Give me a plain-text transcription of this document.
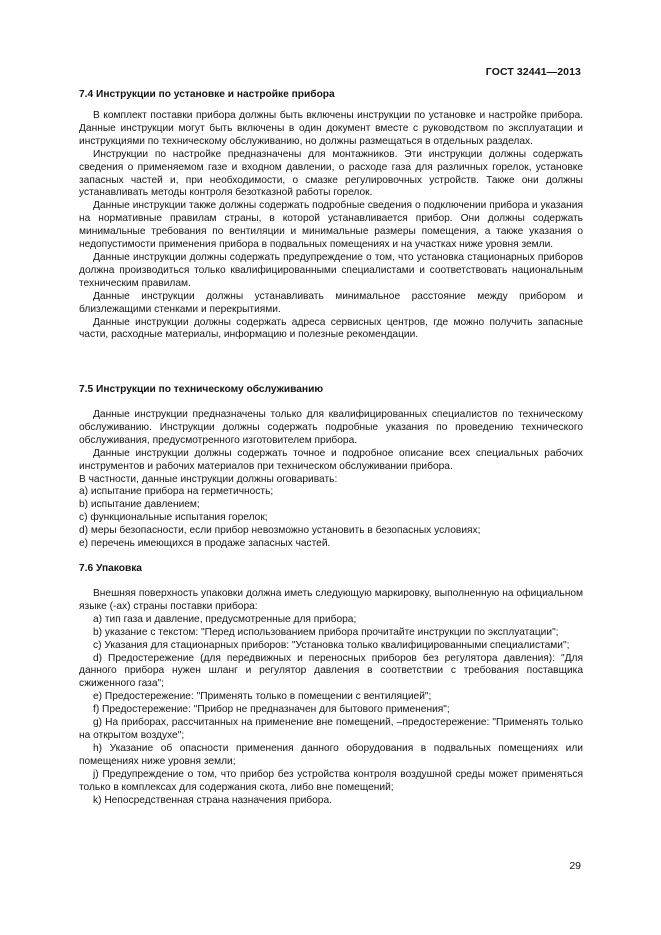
ГОСТ 32441—2013
7.4 Инструкции по установке и настройке прибора

В комплект поставки прибора должны быть включены инструкции по установке и настройке прибора. Данные инструкции могут быть включены в один документ вместе с руководством по эксплуатации и инструкциями по техническому обслуживанию, но должны размещаться в отдельных разделах.

Инструкции по настройке предназначены для монтажников. Эти инструкции должны содержать сведения о применяемом газе и входном давлении, о расходе газа для различных горелок, установке запасных частей и, при необходимости, о смазке регулировочных устройств. Также они должны устанавливать методы контроля безотказной работы горелок.

Данные инструкции также должны содержать подробные сведения о подключении прибора и указания на нормативные правилам страны, в которой устанавливается прибор. Они должны содержать минимальные требования по вентиляции и минимальные размеры помещения, а также указания о недопустимости применения прибора в подвальных помещениях и на участках ниже уровня земли.

Данные инструкции должны содержать предупреждение о том, что установка стационарных приборов должна производиться только квалифицированными специалистами и соответствовать национальным техническим правилам.

Данные инструкции должны устанавливать минимальное расстояние между прибором и близлежащими стенками и перекрытиями.

Данные инструкции должны содержать адреса сервисных центров, где можно получить запасные части, расходные материалы, информацию и полезные рекомендации.

7.5 Инструкции по техническому обслуживанию

Данные инструкции предназначены только для квалифицированных специалистов по техническому обслуживанию. Инструкции должны содержать подробные указания по проведению технического обслуживания, предусмотренного изготовителем прибора.

Данные инструкции должны содержать точное и подробное описание всех специальных рабочих инструментов и рабочих материалов при техническом обслуживании прибора.

В частности, данные инструкции должны оговаривать:

а) испытание прибора на герметичность;

b) испытание давлением;

c) функциональные испытания горелок;

d) меры безопасности, если прибор невозможно установить в безопасных условиях;

e) перечень имеющихся в продаже запасных частей.

7.6 Упаковка

Внешняя поверхность упаковки должна иметь следующую маркировку, выполненную на официальном языке (-ах) страны поставки прибора:

a) тип газа и давление, предусмотренные для прибора;

b) указание с текстом: "Перед использованием прибора прочитайте инструкции по эксплуатации";

c) Указания для стационарных приборов: "Установка только квалифицированными специалистами";

d) Предостережение (для передвижных и переносных приборов без регулятора давления): "Для данного прибора нужен шланг и регулятор давления в соответствии с требования поставщика сжиженного газа";

e) Предостережение: "Применять только в помещении с вентиляцией";

f) Предостережение: "Прибор не предназначен для бытового применения";

g) На приборах, рассчитанных на применение вне помещений, –предостережение: "Применять только на открытом воздухе";

h) Указание об опасности применения данного оборудования в подвальных помещениях или помещениях ниже уровня земли;

j) Предупреждение о том, что прибор без устройства контроля воздушной среды может применяться только в комплексах для содержания скота, либо вне помещений;

k) Непосредственная страна назначения прибора.

29
